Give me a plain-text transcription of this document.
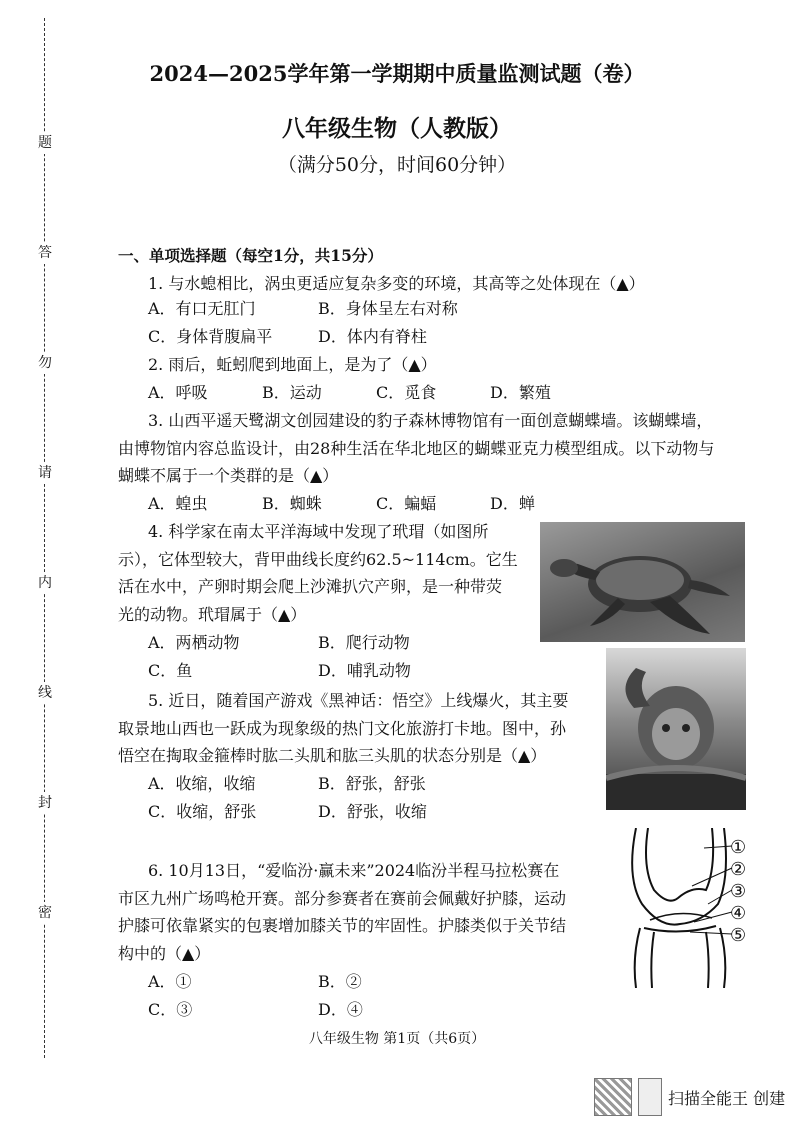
题
答
勿
请
内
线
封
密
2024—2025学年第一学期期中质量监测试题（卷）
八年级生物（人教版）
（满分50分，时间60分钟）
一、单项选择题（每空1分，共15分）
1. 与水螅相比，涡虫更适应复杂多变的环境，其高等之处体现在（▲）
A．有口无肛门	B．身体呈左右对称
C．身体背腹扁平	D．体内有脊柱
2. 雨后，蚯蚓爬到地面上，是为了（▲）
A．呼吸	B．运动	C．觅食	D．繁殖
3. 山西平遥天鹭湖文创园建设的豹子森林博物馆有一面创意蝴蝶墙。该蝴蝶墙，
由博物馆内容总监设计，由28种生活在华北地区的蝴蝶亚克力模型组成。以下动物与
蝴蝶不属于一个类群的是（▲）
A．蝗虫	B．蜘蛛	C．蝙蝠	D．蝉
4. 科学家在南太平洋海域中发现了玳瑁（如图所
示），它体型较大，背甲曲线长度约62.5~114cm。它生
活在水中，产卵时期会爬上沙滩扒穴产卵，是一种带荧
光的动物。玳瑁属于（▲）
A．两栖动物	B．爬行动物
C．鱼	D．哺乳动物
5. 近日，随着国产游戏《黑神话：悟空》上线爆火，其主要
取景地山西也一跃成为现象级的热门文化旅游打卡地。图中，孙
悟空在掏取金箍棒时肱二头肌和肱三头肌的状态分别是（▲）
A．收缩，收缩	B．舒张，舒张
C．收缩，舒张	D．舒张，收缩
6. 10月13日，“爱临汾·赢未来”2024临汾半程马拉松赛在
市区九州广场鸣枪开赛。部分参赛者在赛前会佩戴好护膝，运动
护膝可依靠紧实的包裹增加膝关节的牢固性。护膝类似于关节结
构中的（▲）
A．①	B．②
C．③	D．④
①
②
③
④
⑤
八年级生物 第1页（共6页）
扫描全能王 创建
